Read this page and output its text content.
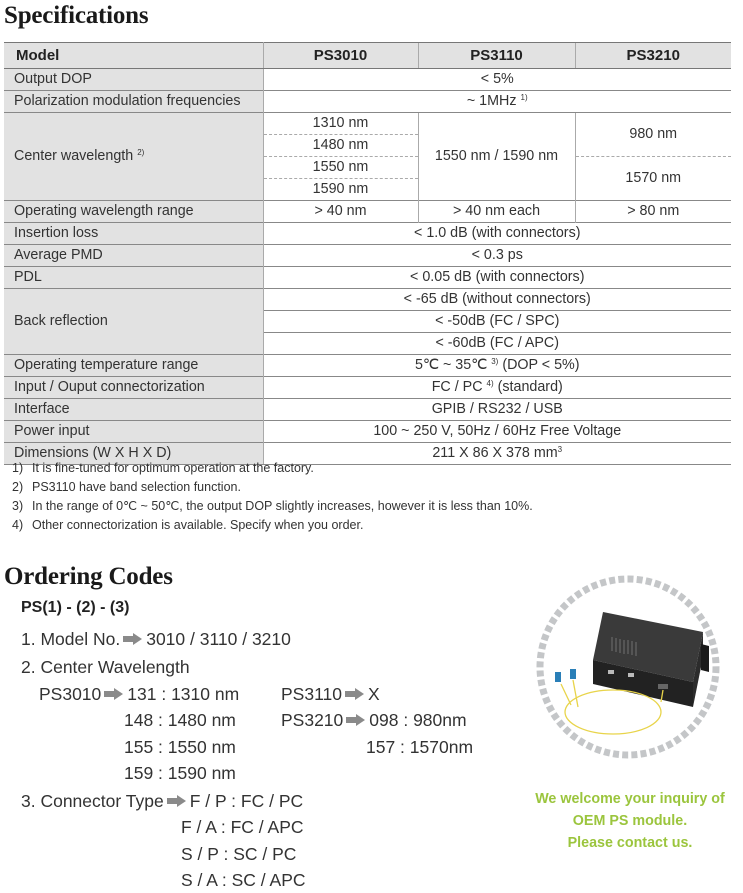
Specifications
Model	PS3010	PS3110	PS3210
Output DOP	< 5%		
Polarization modulation frequencies	~ 1MHz $^{1)}$
Center wavelength $^{2)}$	1310 nm	1550 nm / 1590 nm	980 nm
	1480 nm		
	1550 nm		1570 nm
	1590 nm		
Operating wavelength range	> 40 nm	> 40 nm each	> 80 nm
Insertion loss	< 1.0 dB (with connectors)		
Average PMD	< 0.3 ps		
PDL	< 0.05 dB (with connectors)		
Back reflection	< -65 dB (without connectors)		
	< -50dB (FC / SPC)		
	< -60dB (FC / APC)		
Operating temperature range	5℃ ~ 35℃ $^{3)}$ (DOP < 5%)		
Input / Ouput connectorization	FC / PC $^{4)}$ (standard)		
Interface	GPIB / RS232 / USB		
Power input	100 ~ 250 V, 50Hz / 60Hz Free Voltage		
Dimensions (W X H X D)	211 X 86 X 378 $mm^3$
1) It is fine-tuned for optimum operation at the factory.
2) PS3110 have band selection function.
3) In the range of 0℃ ~ 50℃, the output DOP slightly increases, however it is less than 10%.
4) Other connectorization is available. Specify when you order.
Ordering Codes
PS(1) - (2) - (3)
1. Model No. 3010 / 3110 / 3210
2. Center Wavelength
PS3010 131 : 1310 nm
148 : 1480 nm
155 : 1550 nm
159 : 1590 nm
PS3110 X
PS3210 098 : 980nm
157 : 1570nm
3. Connector Type F / P : FC / PC
F / A : FC / APC
S / P : SC / PC
S / A : SC / APC
We welcome your inquiry of
OEM PS module.
Please contact us.
